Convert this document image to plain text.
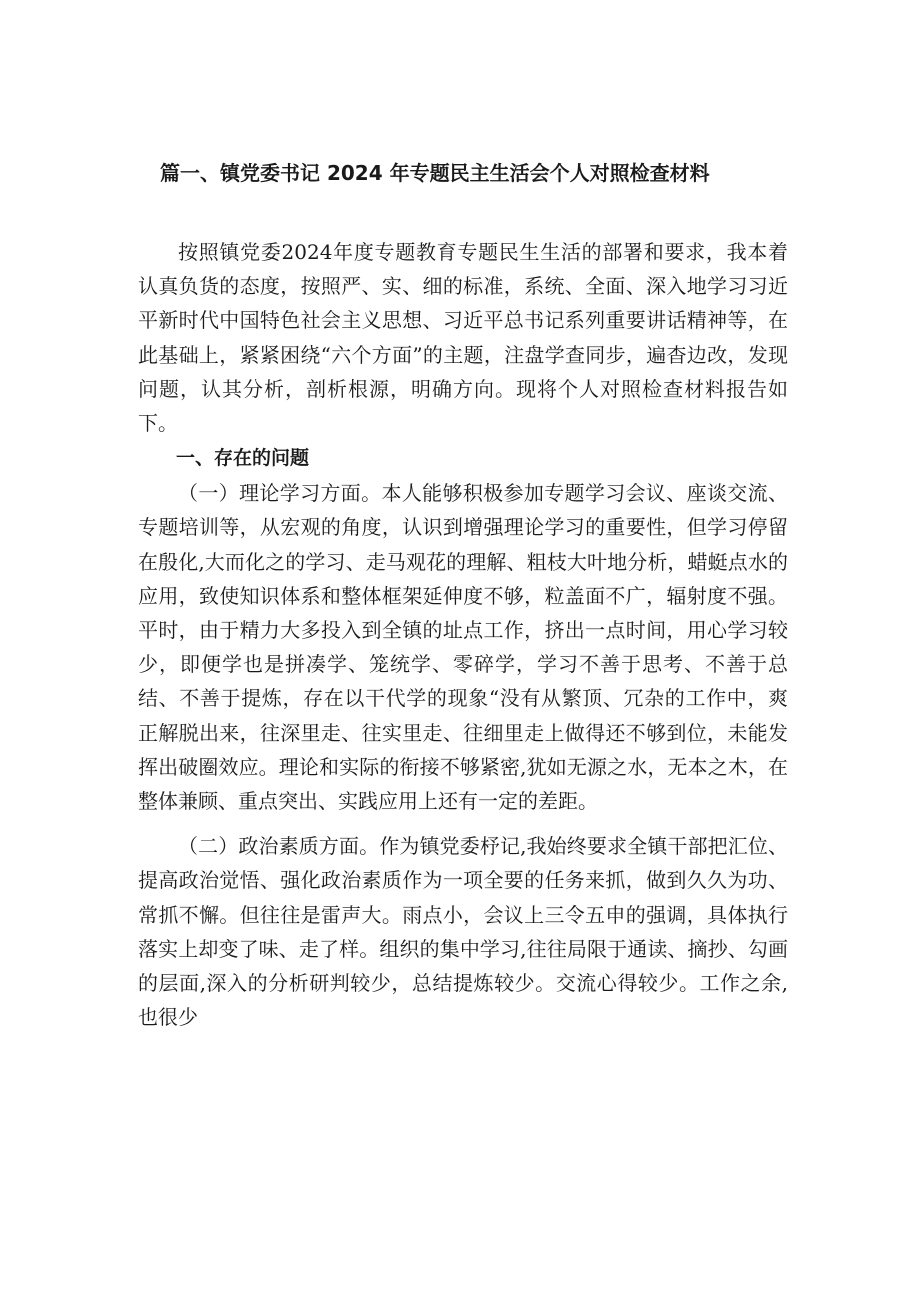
篇一、镇党委书记 2024 年专题民主生活会个人对照检查材料

按照镇党委2024年度专题教育专题民生生活的部署和要求，我本着认真负货的态度，按照严、实、细的标准，系统、全面、深入地学习习近平新时代中国特色社会主义思想、习近平总书记系列重要讲话精神等，在此基础上，紧紧困绕“六个方面”的主题，注盘学查同步，遍杳边改，发现问题，认其分析，剖析根源，明确方向。现将个人对照检查材料报告如下。

一、存在的问题

（一）理论学习方面。本人能够积极参加专题学习会议、座谈交流、专题培训等，从宏观的角度，认识到增强理论学习的重要性，但学习停留在殷化,大而化之的学习、走马观花的理解、粗枝大叶地分析，蜡蜓点水的应用，致使知识体系和整体框架延伸度不够，粒盖面不广，辐射度不强。平时，由于精力大多投入到全镇的址点工作，挤出一点时间，用心学习较少，即便学也是拼凑学、笼统学、零碎学，学习不善于思考、不善于总结、不善于提炼，存在以干代学的现象“没有从繁顶、冗杂的工作中，爽正解脱出来，往深里走、往实里走、往细里走上做得还不够到位，未能发挥出破圈效应。理论和实际的衔接不够紧密,犹如无源之水，无本之木，在整体兼顾、重点突出、实践应用上还有一定的差距。

（二）政治素质方面。作为镇党委杼记,我始终要求全镇干部把汇位、提高政治觉悟、强化政治素质作为一项全要的任务来抓，做到久久为功、常抓不懈。但往往是雷声大。雨点小，会议上三令五申的强调，具体执行落实上却变了味、走了样。组织的集中学习,往往局限于通读、摘抄、勾画的层面,深入的分析研判较少，总结提炼较少。交流心得较少。工作之余,也很少
